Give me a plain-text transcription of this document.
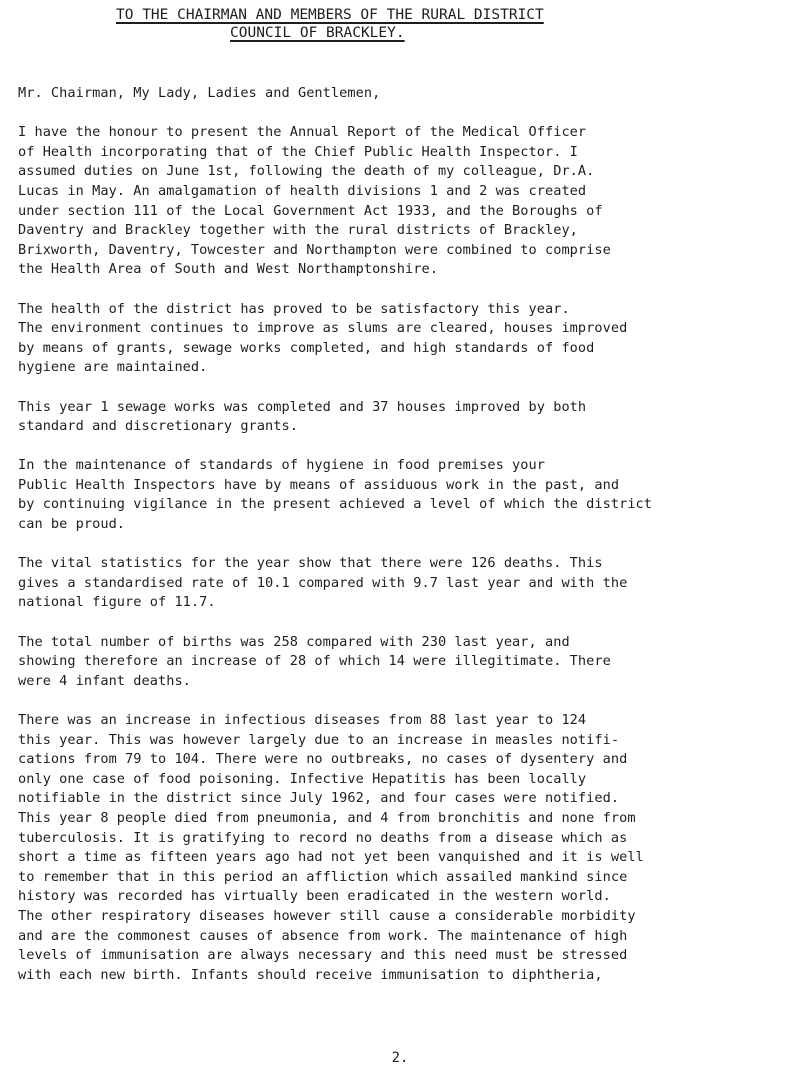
TO THE CHAIRMAN AND MEMBERS OF THE RURAL DISTRICT
COUNCIL OF BRACKLEY.

Mr. Chairman, My Lady, Ladies and Gentlemen,

I have the honour to present the Annual Report of the Medical Officer
of Health incorporating that of the Chief Public Health Inspector. I
assumed duties on June 1st, following the death of my colleague, Dr.A.
Lucas in May. An amalgamation of health divisions 1 and 2 was created
under section 111 of the Local Government Act 1933, and the Boroughs of
Daventry and Brackley together with the rural districts of Brackley,
Brixworth, Daventry, Towcester and Northampton were combined to comprise
the Health Area of South and West Northamptonshire.

The health of the district has proved to be satisfactory this year.
The environment continues to improve as slums are cleared, houses improved
by means of grants, sewage works completed, and high standards of food
hygiene are maintained.

This year 1 sewage works was completed and 37 houses improved by both
standard and discretionary grants.

In the maintenance of standards of hygiene in food premises your
Public Health Inspectors have by means of assiduous work in the past, and
by continuing vigilance in the present achieved a level of which the district
can be proud.

The vital statistics for the year show that there were 126 deaths. This
gives a standardised rate of 10.1 compared with 9.7 last year and with the
national figure of 11.7.

The total number of births was 258 compared with 230 last year, and
showing therefore an increase of 28 of which 14 were illegitimate. There
were 4 infant deaths.

There was an increase in infectious diseases from 88 last year to 124
this year. This was however largely due to an increase in measles notifi-
cations from 79 to 104. There were no outbreaks, no cases of dysentery and
only one case of food poisoning. Infective Hepatitis has been locally
notifiable in the district since July 1962, and four cases were notified.
This year 8 people died from pneumonia, and 4 from bronchitis and none from
tuberculosis. It is gratifying to record no deaths from a disease which as
short a time as fifteen years ago had not yet been vanquished and it is well
to remember that in this period an affliction which assailed mankind since
history was recorded has virtually been eradicated in the western world.
The other respiratory diseases however still cause a considerable morbidity
and are the commonest causes of absence from work. The maintenance of high
levels of immunisation are always necessary and this need must be stressed
with each new birth. Infants should receive immunisation to diphtheria,

2.
